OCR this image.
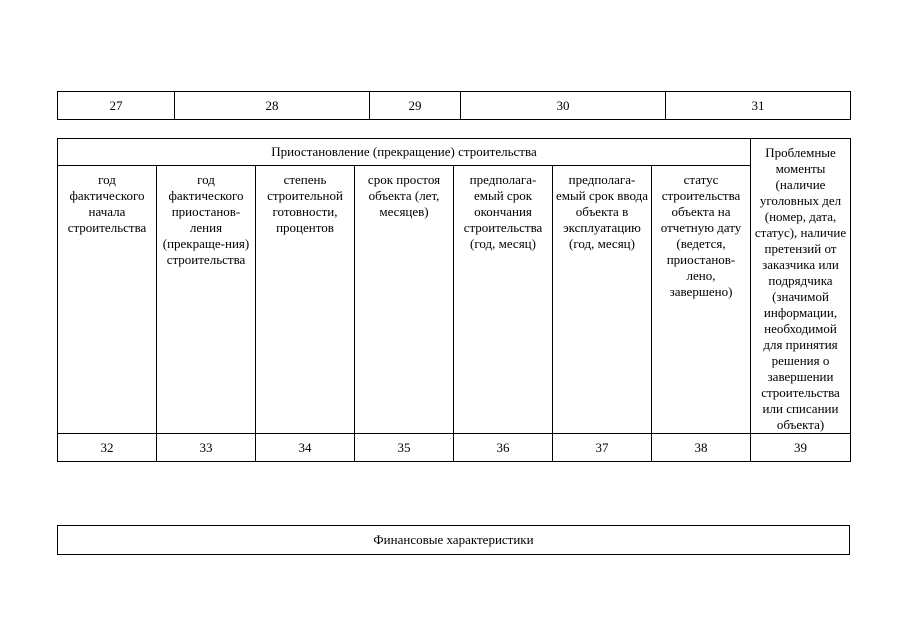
27	28	29	30	31
Приостановление (прекращение) строительства							Проблемные моменты (наличие уголовных дел (номер, дата, статус), наличие претензий от заказчика или подрядчика (значимой информации, необходимой для принятия решения о завершении строительства или списании объекта)
год фактического начала строительства	год фактического приостанов-ления (прекраще-ния) строительства	степень строительной готовности, процентов	срок простоя объекта (лет, месяцев)	предполага-емый срок окончания строительства (год, месяц)	предполага-емый срок ввода объекта в эксплуатацию (год, месяц)	статус строительства объекта на отчетную дату (ведется, приостанов-лено, завершено)	
32	33	34	35	36	37	38	39
Финансовые характеристики
